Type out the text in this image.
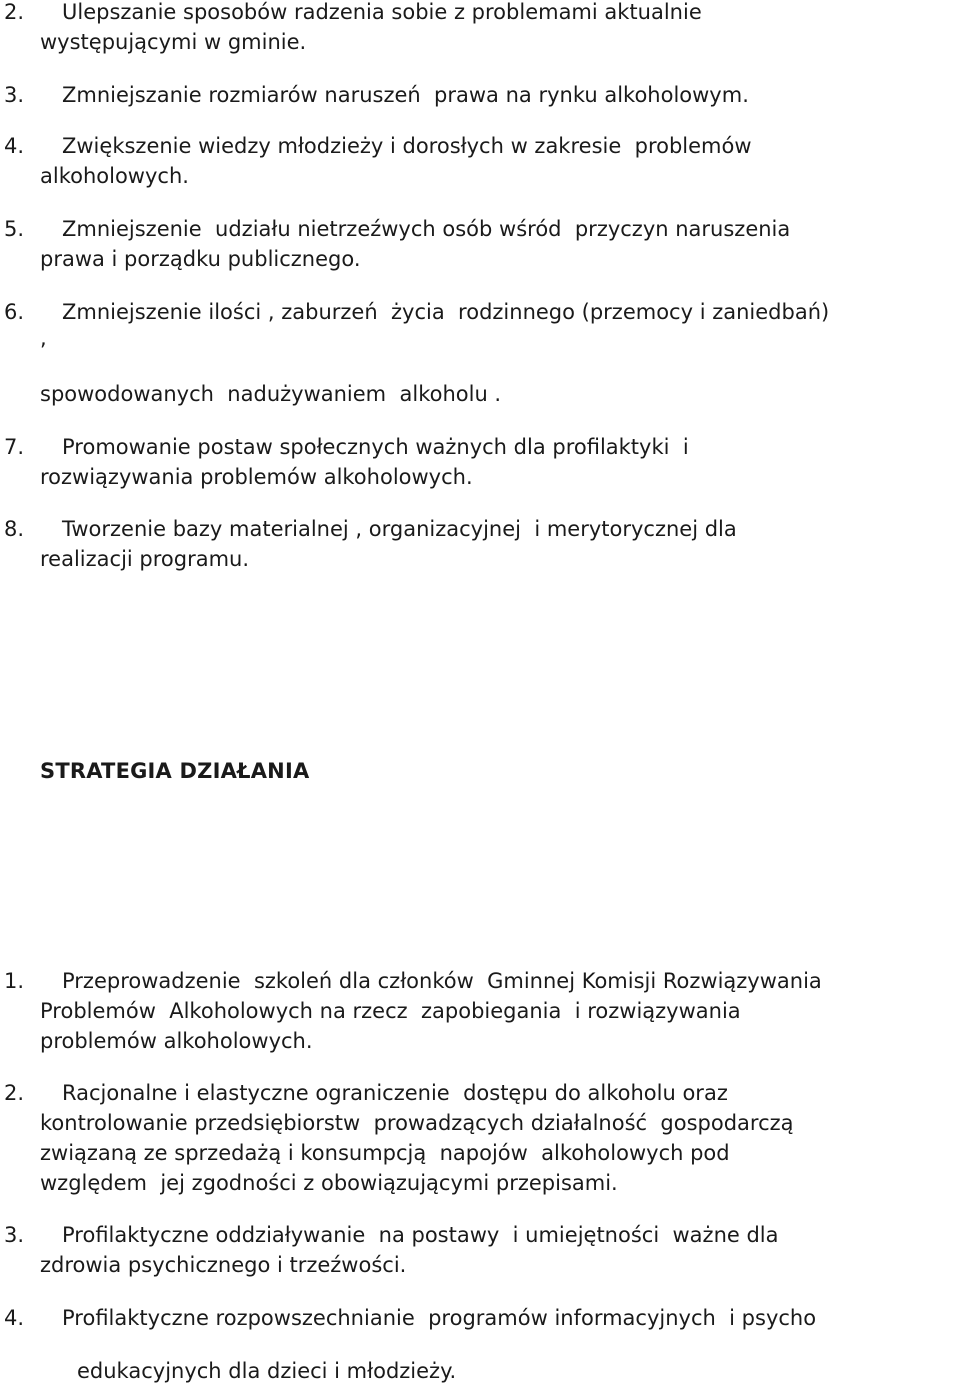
2. Ulepszanie sposobów radzenia sobie z problemami aktualnie
występującymi w gminie.
3. Zmniejszanie rozmiarów naruszeń  prawa na rynku alkoholowym.
4. Zwiększenie wiedzy młodzieży i dorosłych w zakresie  problemów
alkoholowych.
5. Zmniejszenie  udziału nietrzeźwych osób wśród  przyczyn naruszenia
prawa i porządku publicznego.
6. Zmniejszenie ilości , zaburzeń  życia  rodzinnego (przemocy i zaniedbań)
,
spowodowanych  nadużywaniem  alkoholu .
7. Promowanie postaw społecznych ważnych dla profilaktyki  i
rozwiązywania problemów alkoholowych.
8. Tworzenie bazy materialnej , organizacyjnej  i merytorycznej dla
realizacji programu.
STRATEGIA DZIAŁANIA
1. Przeprowadzenie  szkoleń dla członków  Gminnej Komisji Rozwiązywania
Problemów  Alkoholowych na rzecz  zapobiegania  i rozwiązywania
problemów alkoholowych.
2. Racjonalne i elastyczne ograniczenie  dostępu do alkoholu oraz
kontrolowanie przedsiębiorstw  prowadzących działalność  gospodarczą
związaną ze sprzedażą i konsumpcją  napojów  alkoholowych pod
względem  jej zgodności z obowiązującymi przepisami.
3. Profilaktyczne oddziaływanie  na postawy  i umiejętności  ważne dla
zdrowia psychicznego i trzeźwości.
4. Profilaktyczne rozpowszechnianie  programów informacyjnych  i psycho
edukacyjnych dla dzieci i młodzieży.
